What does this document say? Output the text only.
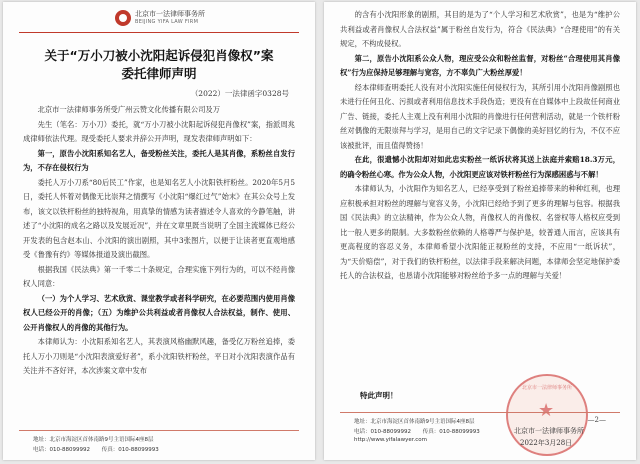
北京市一法律师事务所
BEIJING YIFA LAW FIRM
关于“万小刀被小沈阳起诉侵犯肖像权”案
委托律师声明
（2022）一法律函字0328号

北京市一法律师事务所受广州云赞文化传播有限公司及万

先生（笔名：万小刀）委托，就“万小刀被小沈阳起诉侵犯肖像权”案，指派周兆成律师依法代理。现受委托人要求并辞公开声明，现发表律师声明如下：

第一，原告小沈阳系知名艺人，备受粉丝关注，委托人是其肖像，系粉丝自发行为，不存在侵权行为

委托人万小刀系“80后民工”作家，也是知名艺人小沈阳铁杆粉丝。2020年5月5日，委托人怀着对偶像无比崇拜之情撰写《小沈阳“爆红过气”始末》在其公众号上发布，该文以铁杆粉丝的独特视角，用真挚的情感为读者描述令人喜欢的今静笔触，讲述了“小沈阳的成名之路以及发展近况”，并在文章里既当说明了全国主流媒体已经公开发表的包含赵本山、小沈阳的演出剧照，其中3张图片，以便于让读者更直观地感受《鲁豫有约》等媒体报道及演出截图。

根据我国《民法典》第一千零二十条规定，合理实施下列行为的，可以不经肖像权人同意：

（一）为个人学习、艺术欣赏、课堂教学或者科学研究，在必要范围内使用肖像权人已经公开的肖像；（五）为维护公共利益或者肖像权人合法权益，制作、使用、公开肖像权人的肖像的其他行为。

本律师认为：小沈阳系知名艺人，其表演风格幽默风趣，备受亿万粉丝追捧，委托人万小刀则是“小沈阳表演爱好者”，系小沈阳铁杆粉丝，平日对小沈阳表演作品有关注并不吝好评，本次涉案文章中发布

地址：北京市海淀区首体南路9号主语国际4座8层
电话：010-88099992 传真：010-88099993

的含有小沈阳形象的剧照，其目的是为了“个人学习和艺术欣赏”，也是为“维护公共利益或者肖像权人合法权益”属于粉丝自发行为，符合《民法典》“合理使用”的有关规定，不构成侵权。

第二，原告小沈阳系公众人物，理应受公众和粉丝监督，对粉丝“合理使用其肖像权”行为应保持足够理解与宽容，方不辜负广大粉丝厚爱！

经本律师查明委托人没有对小沈阳实施任何侵权行为，其所引用小沈阳肖像剧照也未进行任何丑化、污损或者利用信息技术手段伪造；更没有在自媒体中上段故任何商业广告、链接，委托人主观上没有利用小沈阳的肖像进行任何营利活动，就是一个铁杆粉丝对偶像的无限崇拜与学习，是用自己的文字记录下偶像的美好回忆的行为，不仅不应该被批评，而且值得赞扬！

在此，很遗憾小沈阳却对如此忠实粉丝一纸诉状将其送上法庭并索赔18.3万元，的确令粉丝心寒。作为公众人物，小沈阳更应该对铁杆粉丝行为深感困惑与不解！

本律师认为，小沈阳作为知名艺人，已经享受到了粉丝追捧带来的种种红利，也理应积极承担对粉丝的理解与宽容义务，小沈阳已经给予到了更多的理解与包容。根据我国《民法典》的立法精神，作为公众人物，肖像权人的肖像权、名誉权等人格权应受到比一般人更多的限制。大多数粉丝依赖的人格尊严与保护是，较普通人而言，应该具有更高程度的容忍义务，本律师希望小沈阳能正视粉丝的支持，不应用“一纸诉状”，为“天价赔偿”，对于我们的铁杆粉丝，以法律手段来解决问题，本律师会坚定地保护委托人的合法权益，也恳请小沈阳能够对粉丝给予多一点的理解与关爱！

特此声明！

★ 北京市一法律师事务所

北京市一法律师事务所

2022年3月28日

地址：北京市海淀区首体南路9号主语国际4座8层	—2—
电话：010-88099992 传真：010-88099993
http://www.yifalawyer.com
